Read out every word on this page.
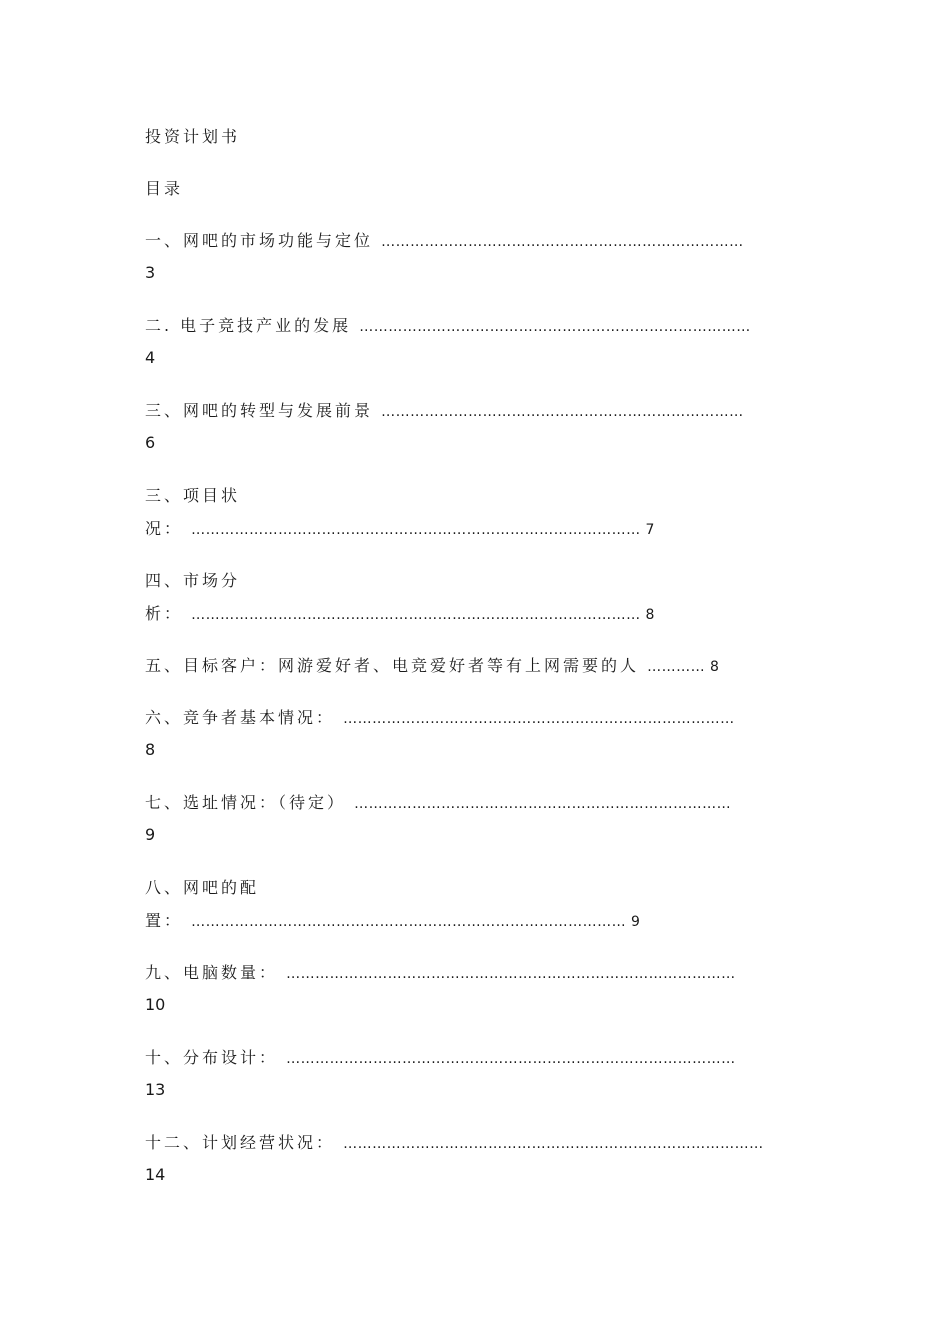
投资计划书
目录
一、网吧的市场功能与定位 …………………………………………………………………
3
二. 电子竞技产业的发展 ………………………………………………………………………
4
三、网吧的转型与发展前景 …………………………………………………………………
6
三、项目状
况： ………………………………………………………………………………… 7
四、市场分
析： ………………………………………………………………………………… 8
五、目标客户：网游爱好者、电竞爱好者等有上网需要的人 ………… 8
六、竞争者基本情况： ………………………………………………………………………
8
七、选址情况：（待定） ……………………………………………………………………
9
八、网吧的配
置： ……………………………………………………………………………… 9
九、电脑数量： …………………………………………………………………………………
10
十、分布设计： …………………………………………………………………………………
13
十二、计划经营状况： ……………………………………………………………………………
14
